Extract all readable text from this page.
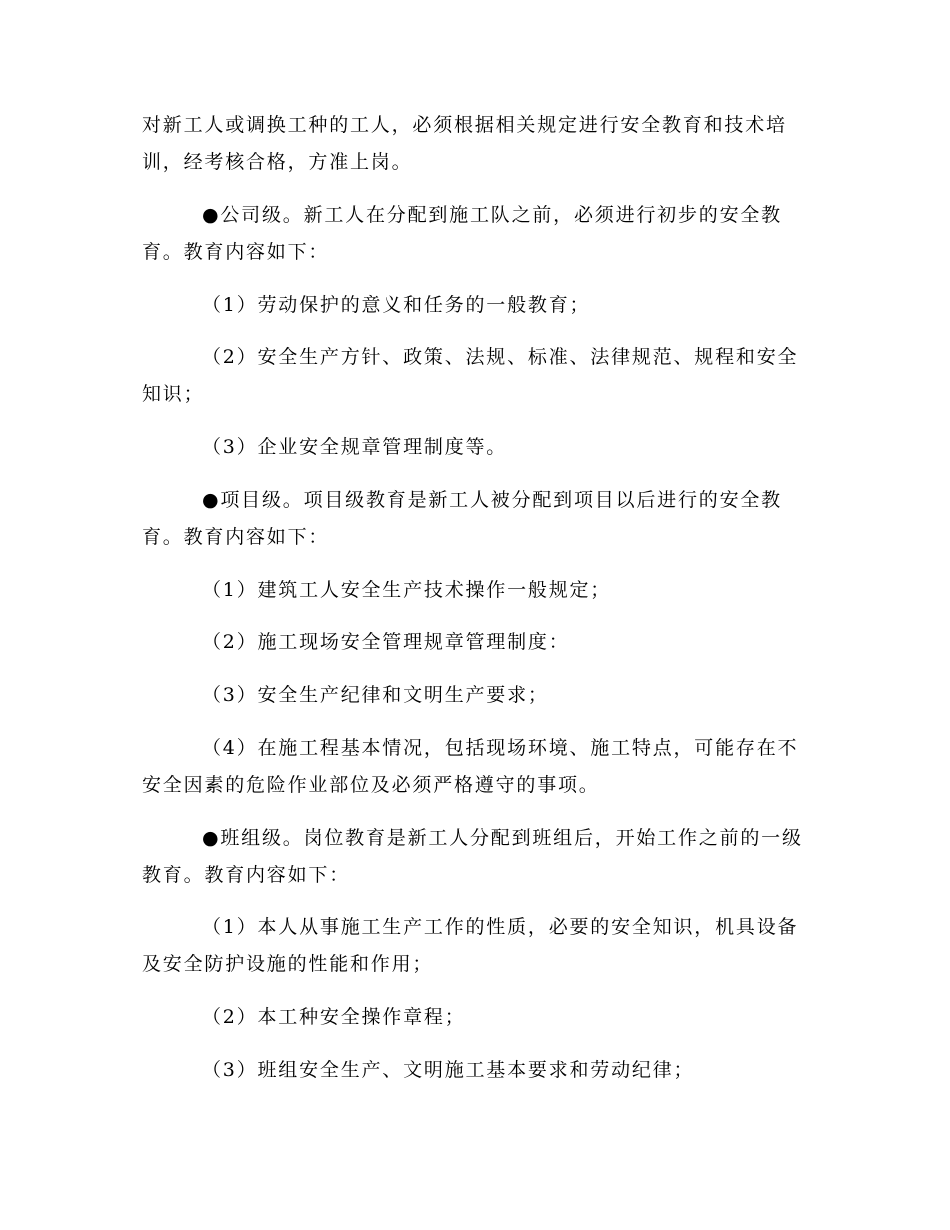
对新工人或调换工种的工人，必须根据相关规定进行安全教育和技术培训，经考核合格，方准上岗。

●公司级。新工人在分配到施工队之前，必须进行初步的安全教育。教育内容如下：

（1）劳动保护的意义和任务的一般教育；

（2）安全生产方针、政策、法规、标准、法律规范、规程和安全知识；

（3）企业安全规章管理制度等。

●项目级。项目级教育是新工人被分配到项目以后进行的安全教育。教育内容如下：

（1）建筑工人安全生产技术操作一般规定；

（2）施工现场安全管理规章管理制度：

（3）安全生产纪律和文明生产要求；

（4）在施工程基本情况，包括现场环境、施工特点，可能存在不安全因素的危险作业部位及必须严格遵守的事项。

●班组级。岗位教育是新工人分配到班组后，开始工作之前的一级教育。教育内容如下：

（1）本人从事施工生产工作的性质，必要的安全知识，机具设备及安全防护设施的性能和作用；

（2）本工种安全操作章程；

（3）班组安全生产、文明施工基本要求和劳动纪律；
